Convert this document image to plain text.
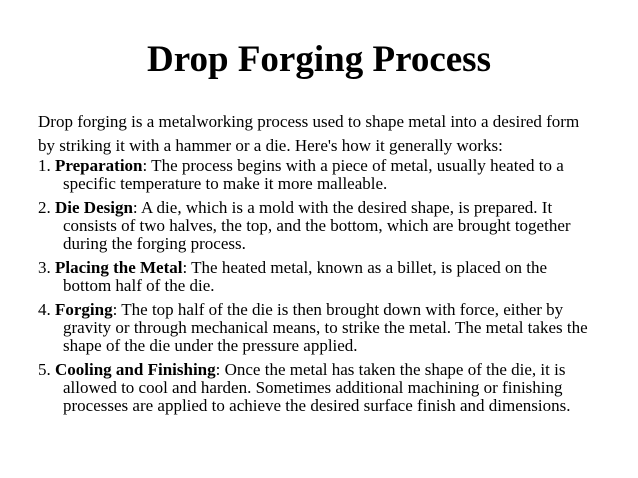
Drop Forging Process

Drop forging is a metalworking process used to shape metal into a desired form by striking it with a hammer or a die. Here's how it generally works:

1. Preparation: The process begins with a piece of metal, usually heated to a specific temperature to make it more malleable.
2. Die Design: A die, which is a mold with the desired shape, is prepared. It consists of two halves, the top, and the bottom, which are brought together during the forging process.
3. Placing the Metal: The heated metal, known as a billet, is placed on the bottom half of the die.
4. Forging: The top half of the die is then brought down with force, either by gravity or through mechanical means, to strike the metal. The metal takes the shape of the die under the pressure applied.
5. Cooling and Finishing: Once the metal has taken the shape of the die, it is allowed to cool and harden. Sometimes additional machining or finishing processes are applied to achieve the desired surface finish and dimensions.
